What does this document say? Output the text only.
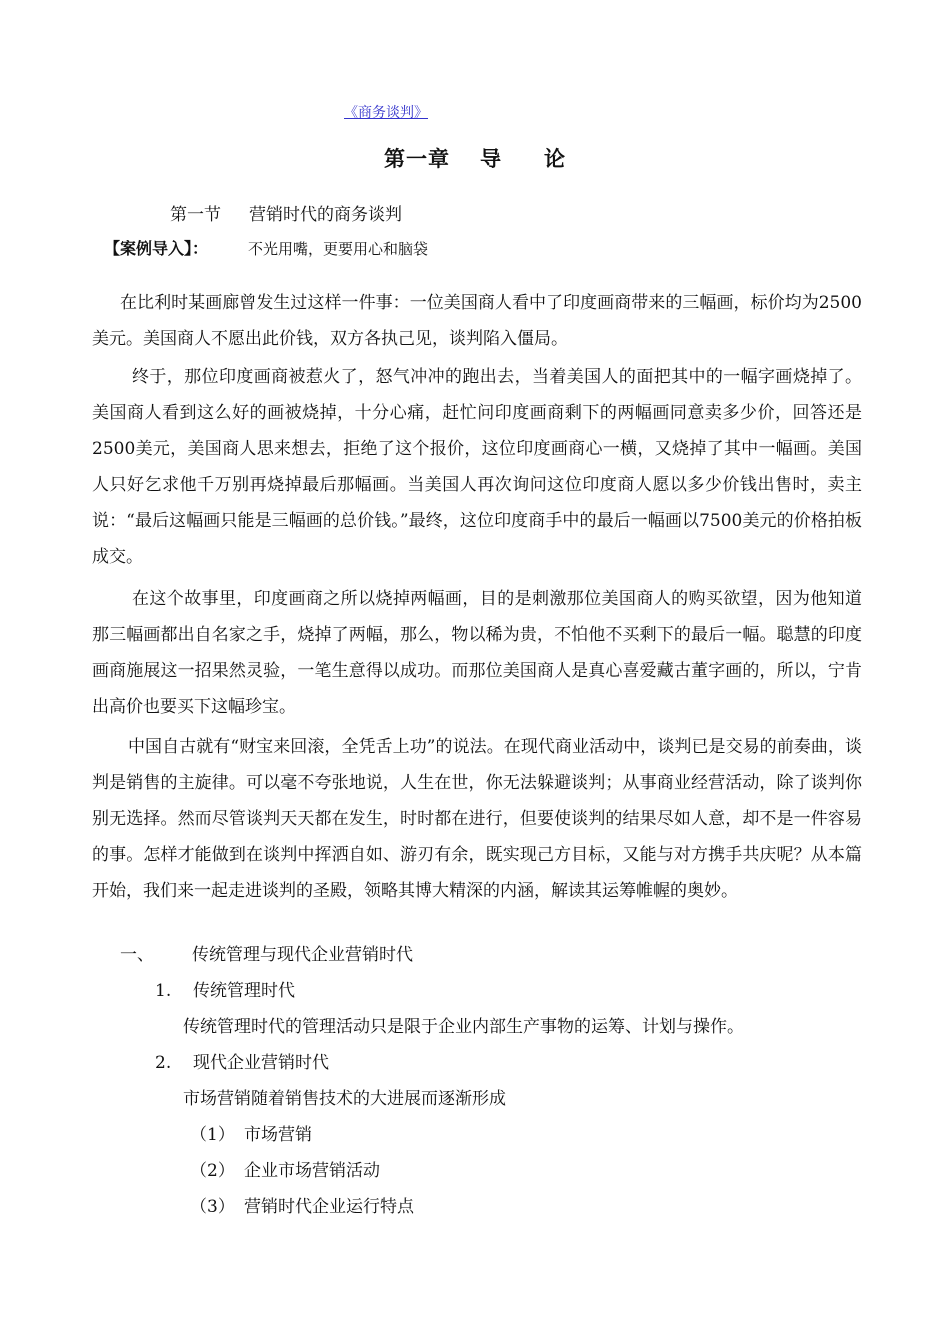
《商务谈判》
第一章 导 论
第一节 营销时代的商务谈判
【案例导入】：	不光用嘴，更要用心和脑袋

在比利时某画廊曾发生过这样一件事：一位美国商人看中了印度画商带来的三幅画，标价均为2500美元。美国商人不愿出此价钱，双方各执己见，谈判陷入僵局。

终于，那位印度画商被惹火了，怒气冲冲的跑出去，当着美国人的面把其中的一幅字画烧掉了。美国商人看到这么好的画被烧掉，十分心痛，赶忙问印度画商剩下的两幅画同意卖多少价，回答还是2500美元，美国商人思来想去，拒绝了这个报价，这位印度画商心一横，又烧掉了其中一幅画。美国人只好乞求他千万别再烧掉最后那幅画。当美国人再次询问这位印度商人愿以多少价钱出售时，卖主说：“最后这幅画只能是三幅画的总价钱。”最终，这位印度商手中的最后一幅画以7500美元的价格拍板成交。

在这个故事里，印度画商之所以烧掉两幅画，目的是刺激那位美国商人的购买欲望，因为他知道那三幅画都出自名家之手，烧掉了两幅，那么，物以稀为贵，不怕他不买剩下的最后一幅。聪慧的印度画商施展这一招果然灵验，一笔生意得以成功。而那位美国商人是真心喜爱藏古董字画的，所以，宁肯出高价也要买下这幅珍宝。

中国自古就有“财宝来回滚，全凭舌上功”的说法。在现代商业活动中，谈判已是交易的前奏曲，谈判是销售的主旋律。可以毫不夸张地说，人生在世，你无法躲避谈判；从事商业经营活动，除了谈判你别无选择。然而尽管谈判天天都在发生，时时都在进行，但要使谈判的结果尽如人意，却不是一件容易的事。怎样才能做到在谈判中挥洒自如、游刃有余，既实现己方目标，又能与对方携手共庆呢？从本篇开始，我们来一起走进谈判的圣殿，领略其博大精深的内涵，解读其运筹帷幄的奥妙。

一、 传统管理与现代企业营销时代
1. 传统管理时代
传统管理时代的管理活动只是限于企业内部生产事物的运筹、计划与操作。
2. 现代企业营销时代
市场营销随着销售技术的大进展而逐渐形成
（1） 市场营销
（2） 企业市场营销活动
（3） 营销时代企业运行特点
